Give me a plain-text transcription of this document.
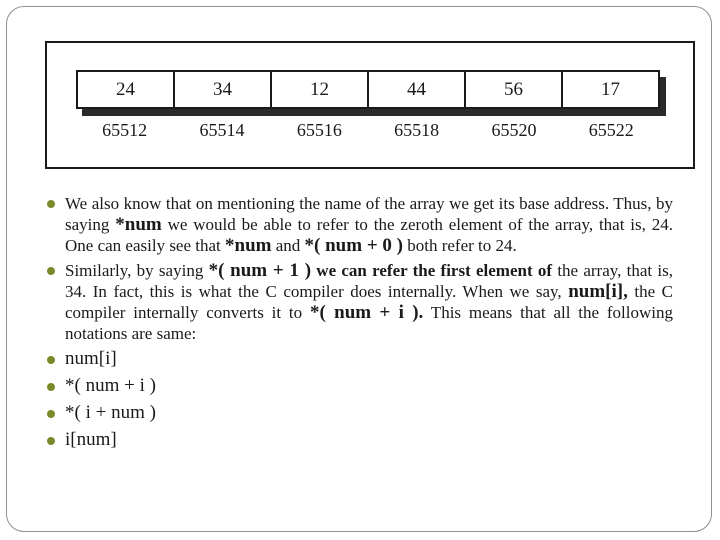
24	34	12	44	56	17
65512	65514	65516	65518	65520	65522
We also know that on mentioning the name of the array we get its base address. Thus, by saying *num we would be able to refer to the zeroth element of the array, that is, 24. One can easily see that *num and *( num + 0 ) both refer to 24.
Similarly, by saying *( num + 1 ) we can refer the first element of the array, that is, 34. In fact, this is what the C compiler does internally. When we say, num[i], the C compiler internally converts it to *( num + i ). This means that all the following notations are same:
num[i]
*( num + i )
*( i + num )
i[num]
